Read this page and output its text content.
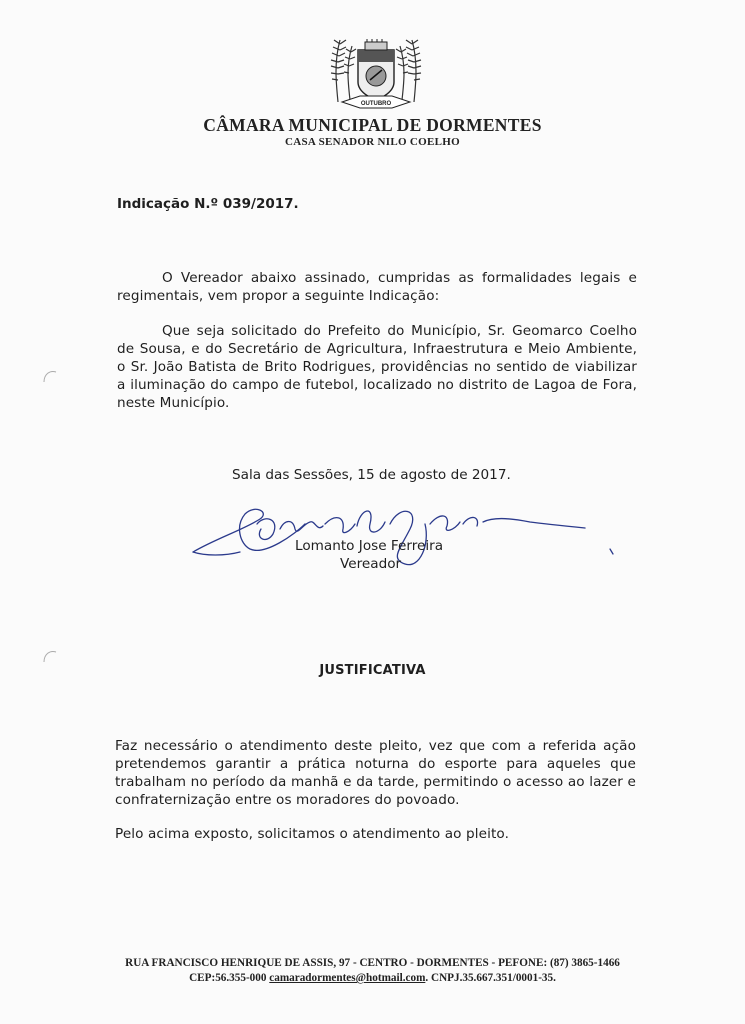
OUTUBRO
CÂMARA MUNICIPAL DE DORMENTES
CASA SENADOR NILO COELHO
Indicação N.º 039/2017.
O Vereador abaixo assinado, cumpridas as formalidades legais e regimentais, vem propor a seguinte Indicação:
Que seja solicitado do Prefeito do Município, Sr. Geomarco Coelho de Sousa, e do Secretário de Agricultura, Infraestrutura e Meio Ambiente, o Sr. João Batista de Brito Rodrigues, providências no sentido de viabilizar a iluminação do campo de futebol, localizado no distrito de Lagoa de Fora, neste Município.
Sala das Sessões, 15 de agosto de 2017.
Lomanto Jose Ferreira
Vereador
JUSTIFICATIVA
Faz necessário o atendimento deste pleito, vez que com a referida ação pretendemos garantir a prática noturna do esporte para aqueles que trabalham no período da manhã e da tarde, permitindo o acesso ao lazer e confraternização entre os moradores do povoado.
Pelo acima exposto, solicitamos o atendimento ao pleito.
RUA FRANCISCO HENRIQUE DE ASSIS, 97 - CENTRO - DORMENTES - PEFONE: (87) 3865-1466
CEP:56.355-000 camaradormentes@hotmail.com. CNPJ.35.667.351/0001-35.
